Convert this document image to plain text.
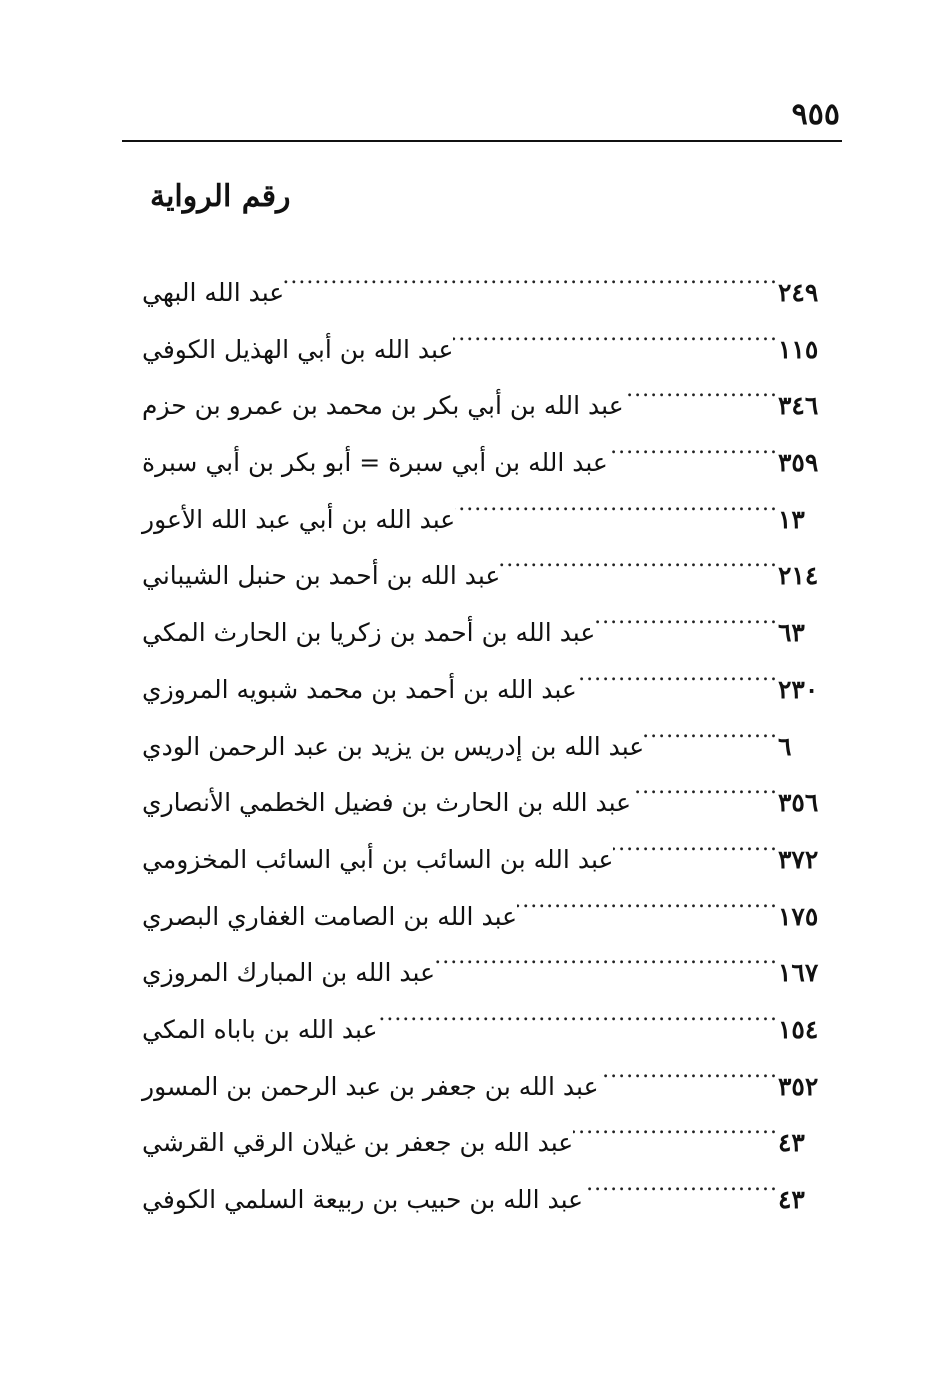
٩٥٥
رقم الرواية
عبد الله البهي .....	٢٤٩
عبد الله بن أبي الهذيل الكوفي .....	١١٥
عبد الله بن أبي بكر بن محمد بن عمرو بن حزم .....	٣٤٦
عبد الله بن أبي سبرة = أبو بكر بن أبي سبرة .....	٣٥٩
عبد الله بن أبي عبد الله الأعور .....	١٣
عبد الله بن أحمد بن حنبل الشيباني .....	٢١٤
عبد الله بن أحمد بن زكريا بن الحارث المكي .....	٦٣
عبد الله بن أحمد بن محمد شبويه المروزي .....	٢٣٠
عبد الله بن إدريس بن يزيد بن عبد الرحمن الودي .....	٦
عبد الله بن الحارث بن فضيل الخطمي الأنصاري .....	٣٥٦
عبد الله بن السائب بن أبي السائب المخزومي .....	٣٧٢
عبد الله بن الصامت الغفاري البصري .....	١٧٥
عبد الله بن المبارك المروزي .....	١٦٧
عبد الله بن باباه المكي .....	١٥٤
عبد الله بن جعفر بن عبد الرحمن بن المسور .....	٣٥٢
عبد الله بن جعفر بن غيلان الرقي القرشي .....	٤٣
عبد الله بن حبيب بن ربيعة السلمي الكوفي .....	٤٣
